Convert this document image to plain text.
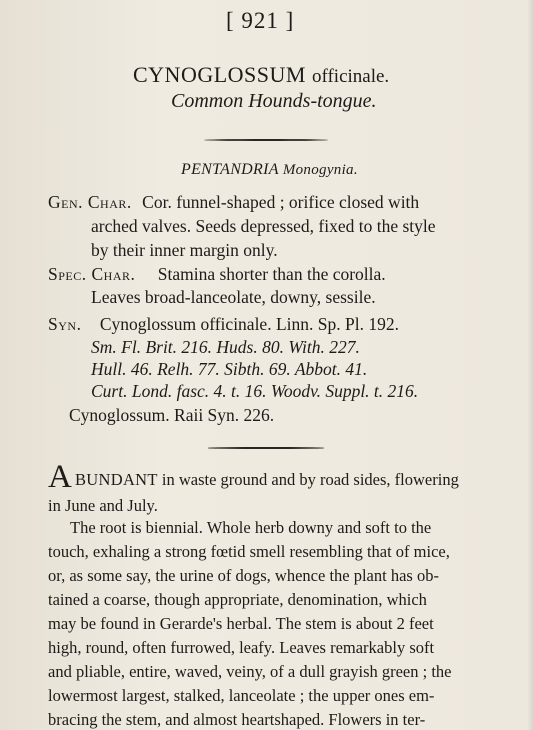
[ 921 ]
CYNOGLOSSUM officinale.
Common Hounds-tongue.
PENTANDRIA Monogynia.
Gen. Char. Cor. funnel-shaped ; orifice closed with
arched valves. Seeds depressed, fixed to the style
by their inner margin only.
Spec. Char. Stamina shorter than the corolla.
Leaves broad-lanceolate, downy, sessile.
Syn. Cynoglossum officinale. Linn. Sp. Pl. 192.
Sm. Fl. Brit. 216. Huds. 80. With. 227.
Hull. 46. Relh. 77. Sibth. 69. Abbot. 41.
Curt. Lond. fasc. 4. t. 16. Woodv. Suppl. t. 216.
Cynoglossum. Raii Syn. 226.
A BUNDANT in waste ground and by road sides, flowering
in June and July.
The root is biennial. Whole herb downy and soft to the
touch, exhaling a strong fœtid smell resembling that of mice,
or, as some say, the urine of dogs, whence the plant has ob-
tained a coarse, though appropriate, denomination, which
may be found in Gerarde's herbal. The stem is about 2 feet
high, round, often furrowed, leafy. Leaves remarkably soft
and pliable, entire, waved, veiny, of a dull grayish green ; the
lowermost largest, stalked, lanceolate ; the upper ones em-
bracing the stem, and almost heartshaped. Flowers in ter-
